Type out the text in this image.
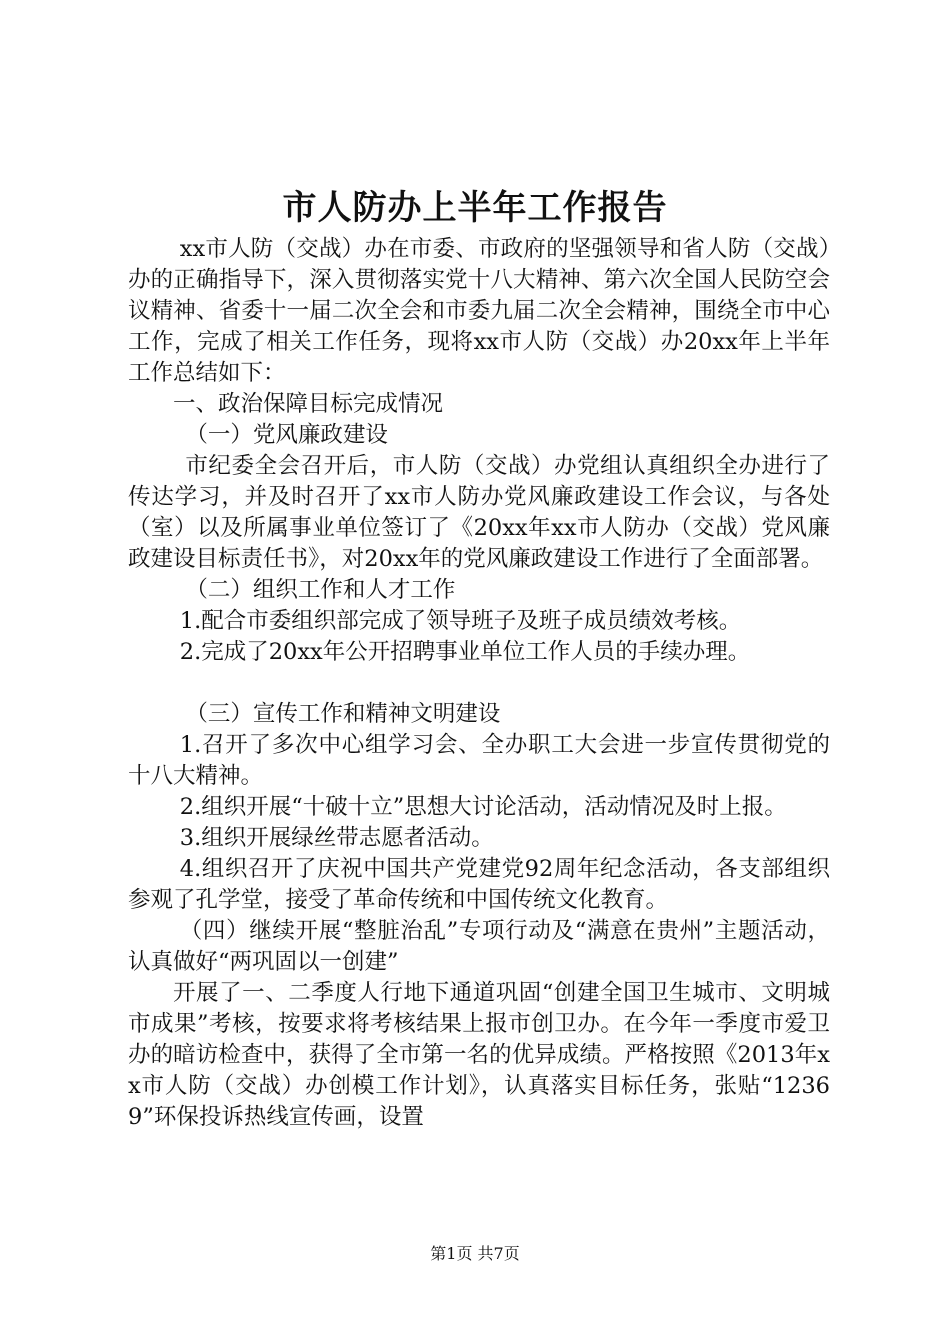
市人防办上半年工作报告

xx市人防（交战）办在市委、市政府的坚强领导和省人防（交战）办的正确指导下，深入贯彻落实党十八大精神、第六次全国人民防空会议精神、省委十一届二次全会和市委九届二次全会精神，围绕全市中心工作，完成了相关工作任务，现将xx市人防（交战）办20xx年上半年工作总结如下：

一、政治保障目标完成情况

（一）党风廉政建设

市纪委全会召开后，市人防（交战）办党组认真组织全办进行了传达学习，并及时召开了xx市人防办党风廉政建设工作会议，与各处（室）以及所属事业单位签订了《20xx年xx市人防办（交战）党风廉政建设目标责任书》，对20xx年的党风廉政建设工作进行了全面部署。

（二）组织工作和人才工作

1.配合市委组织部完成了领导班子及班子成员绩效考核。

2.完成了20xx年公开招聘事业单位工作人员的手续办理。

（三）宣传工作和精神文明建设

1.召开了多次中心组学习会、全办职工大会进一步宣传贯彻党的十八大精神。

2.组织开展“十破十立”思想大讨论活动，活动情况及时上报。

3.组织开展绿丝带志愿者活动。

4.组织召开了庆祝中国共产党建党92周年纪念活动，各支部组织参观了孔学堂，接受了革命传统和中国传统文化教育。

（四）继续开展“整脏治乱”专项行动及“满意在贵州”主题活动，认真做好“两巩固以一创建”

开展了一、二季度人行地下通道巩固“创建全国卫生城市、文明城市成果”考核，按要求将考核结果上报市创卫办。在今年一季度市爱卫办的暗访检查中，获得了全市第一名的优异成绩。严格按照《2013年xx市人防（交战）办创模工作计划》，认真落实目标任务，张贴“12369”环保投诉热线宣传画，设置

第1页 共7页
